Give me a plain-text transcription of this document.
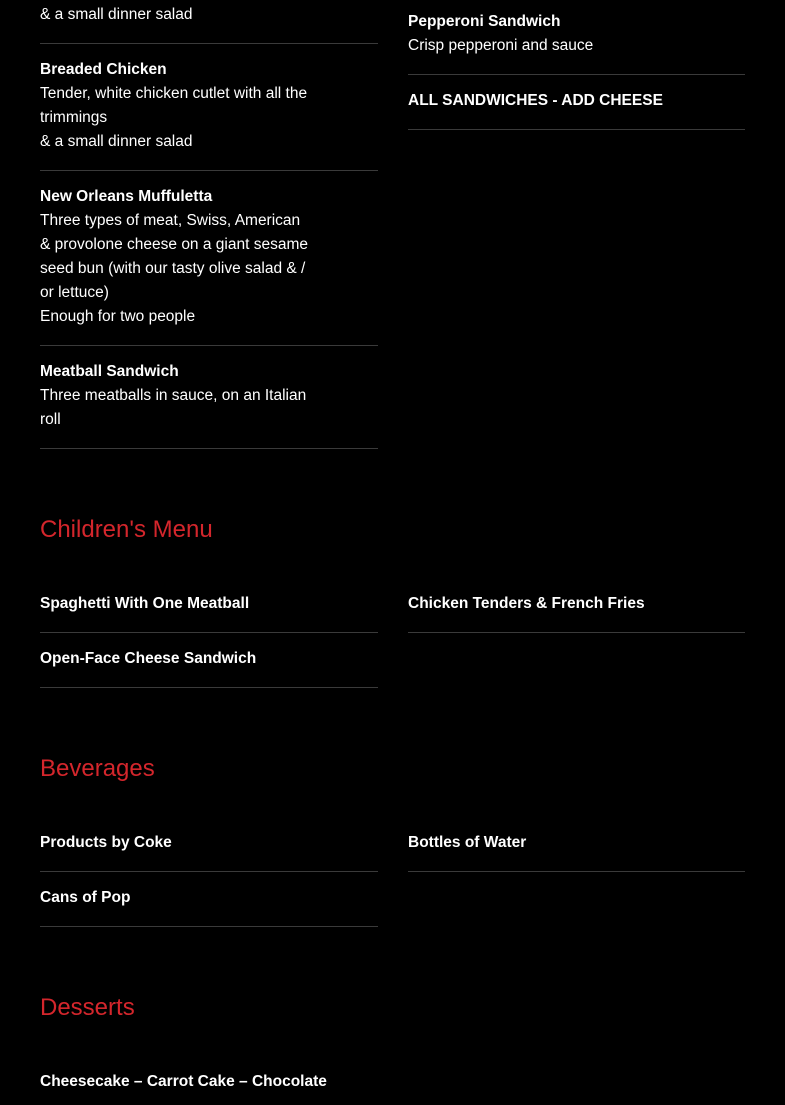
& a small dinner salad
Breaded Chicken
Tender, white chicken cutlet with all the
trimmings
& a small dinner salad
New Orleans Muffuletta
Three types of meat, Swiss, American
& provolone cheese on a giant sesame
seed bun (with our tasty olive salad & /
or lettuce)
Enough for two people
Meatball Sandwich
Three meatballs in sauce, on an Italian
roll
Pepperoni Sandwich
Crisp pepperoni and sauce
ALL SANDWICHES - ADD CHEESE
Children's Menu
Spaghetti With One Meatball
Open-Face Cheese Sandwich
Chicken Tenders & French Fries
Beverages
Products by Coke
Cans of Pop
Bottles of Water
Desserts
Cheesecake – Carrot Cake – Chocolate
